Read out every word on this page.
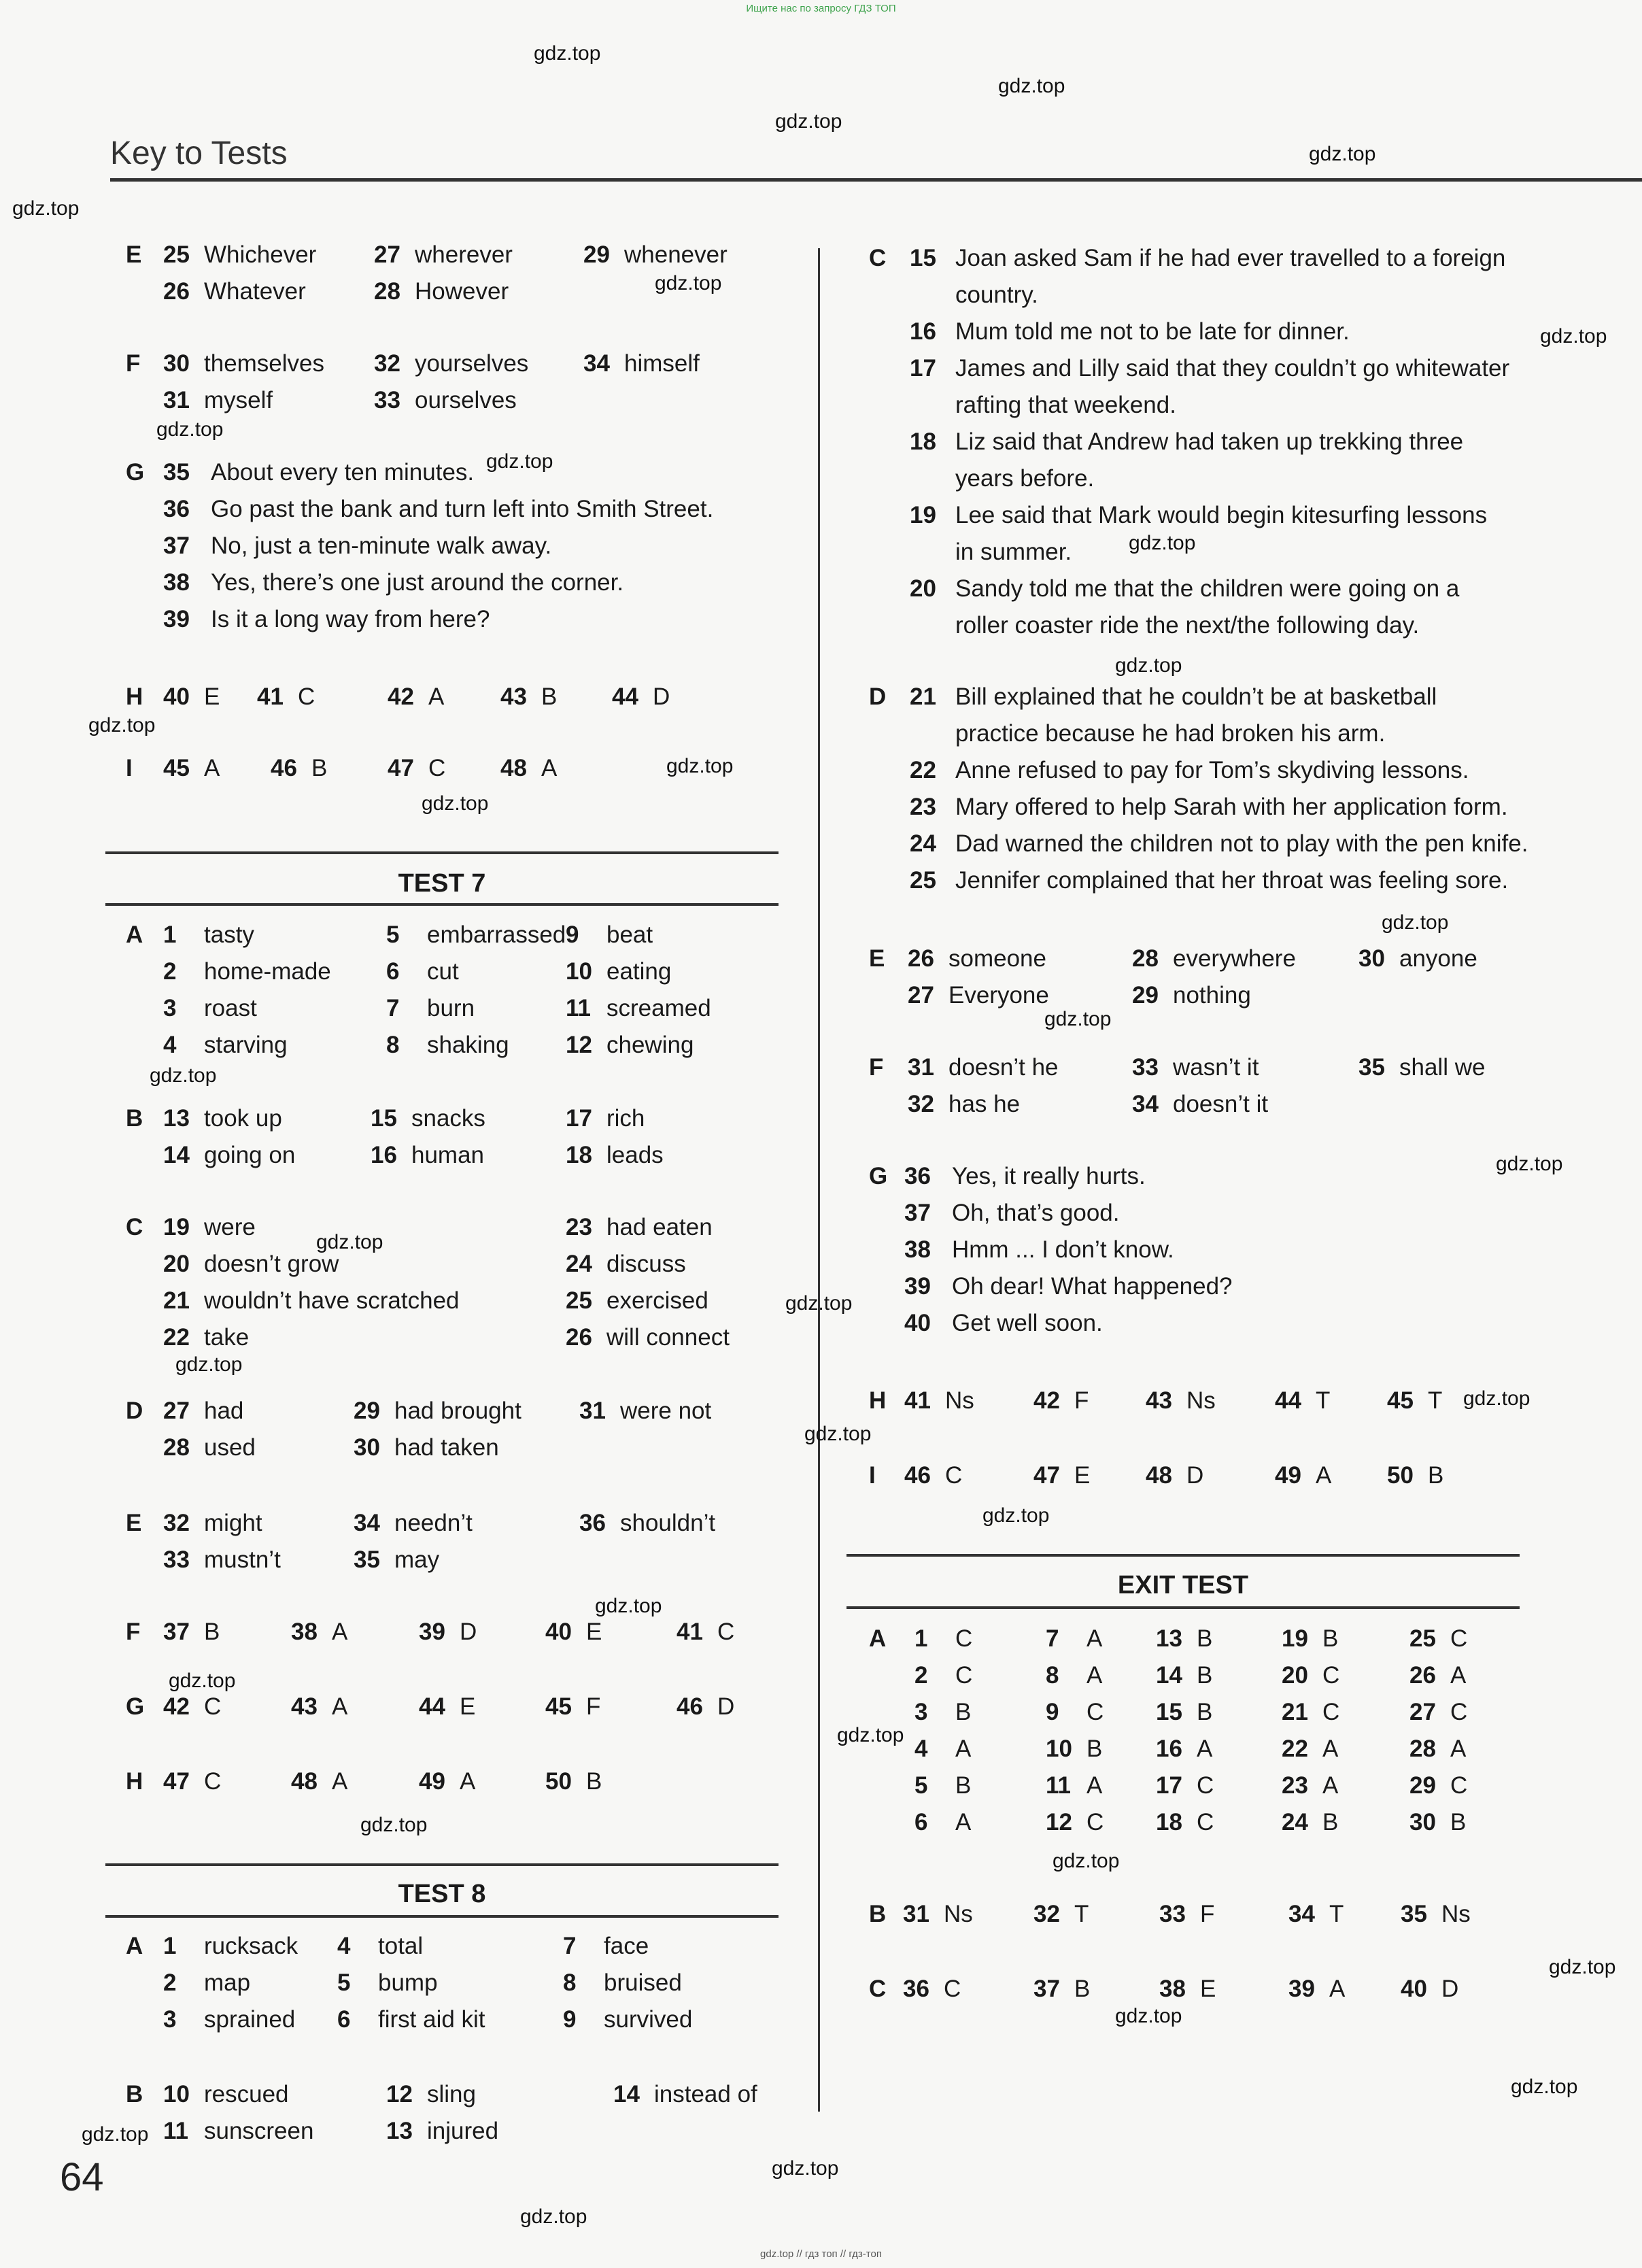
Ищите нас по запросу ГДЗ ТОП
Key to Tests
E 25 Whichever 27 wherever	29 whenever
26 Whatever	28 However
F 30 themselves 32 yourselves 34 himself
31 myself	33 ourselves
G 35 About every ten minutes.
36 Go past the bank and turn left into Smith Street.
37 No, just a ten-minute walk away.
38 Yes, there’s one just around the corner.
39 Is it a long way from here?
H 40 E 41 C	42 A 43 B 44 D
I 45 A 46 B	47 C 48 A
TEST 7
A 1 tasty	5 embarrassed 9 beat
2 home-made 6 cut	10 eating
3 roast	7 burn	11 screamed
4 starving	8 shaking 12 chewing
B 13 took up	15 snacks	17 rich
14 going on	16 human	18 leads
C 19 were	23 had eaten
20 doesn’t grow	24 discuss
21 wouldn’t have scratched	25 exercised
22 take	26 will connect
D 27 had	29 had brought 31 were not
28 used	30 had taken
E 32 might	34 needn’t	36 shouldn’t
33 mustn’t	35 may
F 37 B	38 A	39 D	40 E	41 C
G 42 C	43 A	44 E	45 F	46 D
H 47 C	48 A	49 A	50 B
TEST 8
A 1 rucksack 4 total	7 face
2 map	5 bump	8 bruised
3 sprained 6 first aid kit	9 survived
B 10 rescued	12 sling	14 instead of
11 sunscreen	13 injured
C 15 Joan asked Sam if he had ever travelled to a foreign
country.
16 Mum told me not to be late for dinner.
17 James and Lilly said that they couldn’t go whitewater
rafting that weekend.
18 Liz said that Andrew had taken up trekking three
years before.
19 Lee said that Mark would begin kitesurfing lessons
in summer.
20 Sandy told me that the children were going on a
roller coaster ride the next/the following day.
D 21 Bill explained that he couldn’t be at basketball
practice because he had broken his arm.
22 Anne refused to pay for Tom’s skydiving lessons.
23 Mary offered to help Sarah with her application form.
24 Dad warned the children not to play with the pen knife.
25 Jennifer complained that her throat was feeling sore.
E 26 someone	28 everywhere	30 anyone
27 Everyone	29 nothing
F 31 doesn’t he	33 wasn’t it	35 shall we
32 has he	34 doesn’t it
G 36 Yes, it really hurts.
37 Oh, that’s good.
38 Hmm ... I don’t know.
39 Oh dear! What happened?
40 Get well soon.
H 41 Ns 42 F 43 Ns 44 T 45 T
I 46 C	47 E 48 D	49 A 50 B
EXIT TEST
A 1 C	7 A 13 B	19 B	25 C
2 C	8 A 14 B	20 C	26 A
3 B	9 C 15 B	21 C	27 C
4 A	10 B 16 A	22 A	28 A
5 B	11 A 17 C	23 A	29 C
6 A	12 C 18 C	24 B	30 B
B 31 Ns	32 T	33 F	34 T 35 Ns
C 36 C	37 B	38 E	39 A 40 D
64
gdz.top // гдз топ // гдз-топ
gdz.top
gdz.top
gdz.top
gdz.top
gdz.top
gdz.top
gdz.top
gdz.top
gdz.top
gdz.top
gdz.top
gdz.top
gdz.top
gdz.top
gdz.top
gdz.top
gdz.top
gdz.top
gdz.top
gdz.top
gdz.top
gdz.top
gdz.top
gdz.top
gdz.top
gdz.top
gdz.top
gdz.top
gdz.top
gdz.top
gdz.top
gdz.top
gdz.top
gdz.top
gdz.top
